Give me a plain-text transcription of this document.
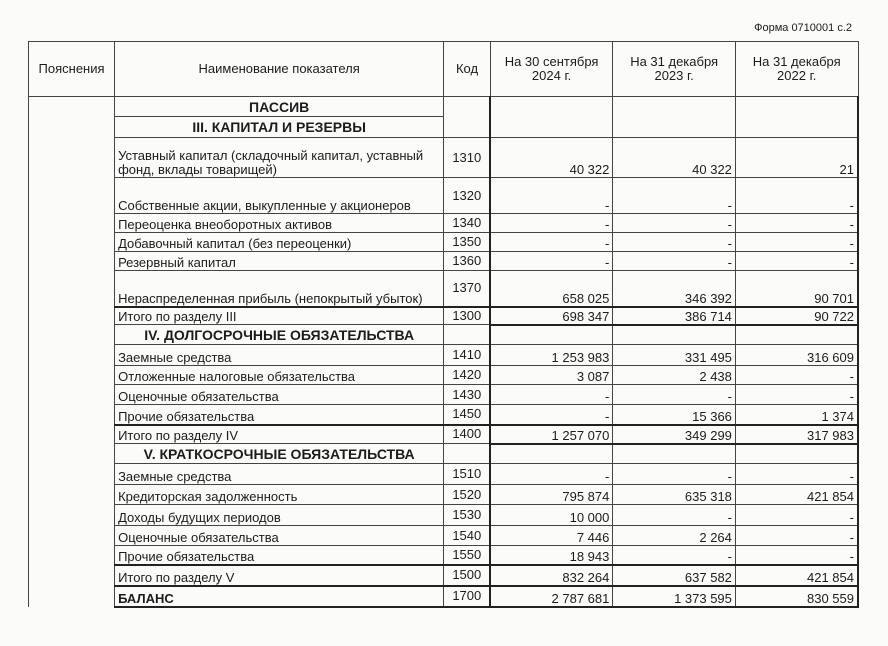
Форма 0710001 с.2
Пояснения	Наименование показателя	Код	На 30 сентября 2024 г.	На 31 декабря 2023 г.	На 31 декабря 2022 г.
	ПАССИВ				
	III. КАПИТАЛ И РЕЗЕРВЫ				
	Уставный капитал (складочный капитал, уставный фонд, вклады товарищей)	1310	40 322	40 322	21
	Собственные акции, выкупленные у акционеров	1320	-	-	-
	Переоценка внеоборотных активов	1340	-	-	-
	Добавочный капитал (без переоценки)	1350	-	-	-
	Резервный капитал	1360	-	-	-
	Нераспределенная прибыль (непокрытый убыток)	1370	658 025	346 392	90 701
	Итого по разделу III	1300	698 347	386 714	90 722
	IV. ДОЛГОСРОЧНЫЕ ОБЯЗАТЕЛЬСТВА				
	Заемные средства	1410	1 253 983	331 495	316 609
	Отложенные налоговые обязательства	1420	3 087	2 438	-
	Оценочные обязательства	1430	-	-	-
	Прочие обязательства	1450	-	15 366	1 374
	Итого по разделу IV	1400	1 257 070	349 299	317 983
	V. КРАТКОСРОЧНЫЕ ОБЯЗАТЕЛЬСТВА				
	Заемные средства	1510	-	-	-
	Кредиторская задолженность	1520	795 874	635 318	421 854
	Доходы будущих периодов	1530	10 000	-	-
	Оценочные обязательства	1540	7 446	2 264	-
	Прочие обязательства	1550	18 943	-	-
	Итого по разделу V	1500	832 264	637 582	421 854
	БАЛАНС	1700	2 787 681	1 373 595	830 559
